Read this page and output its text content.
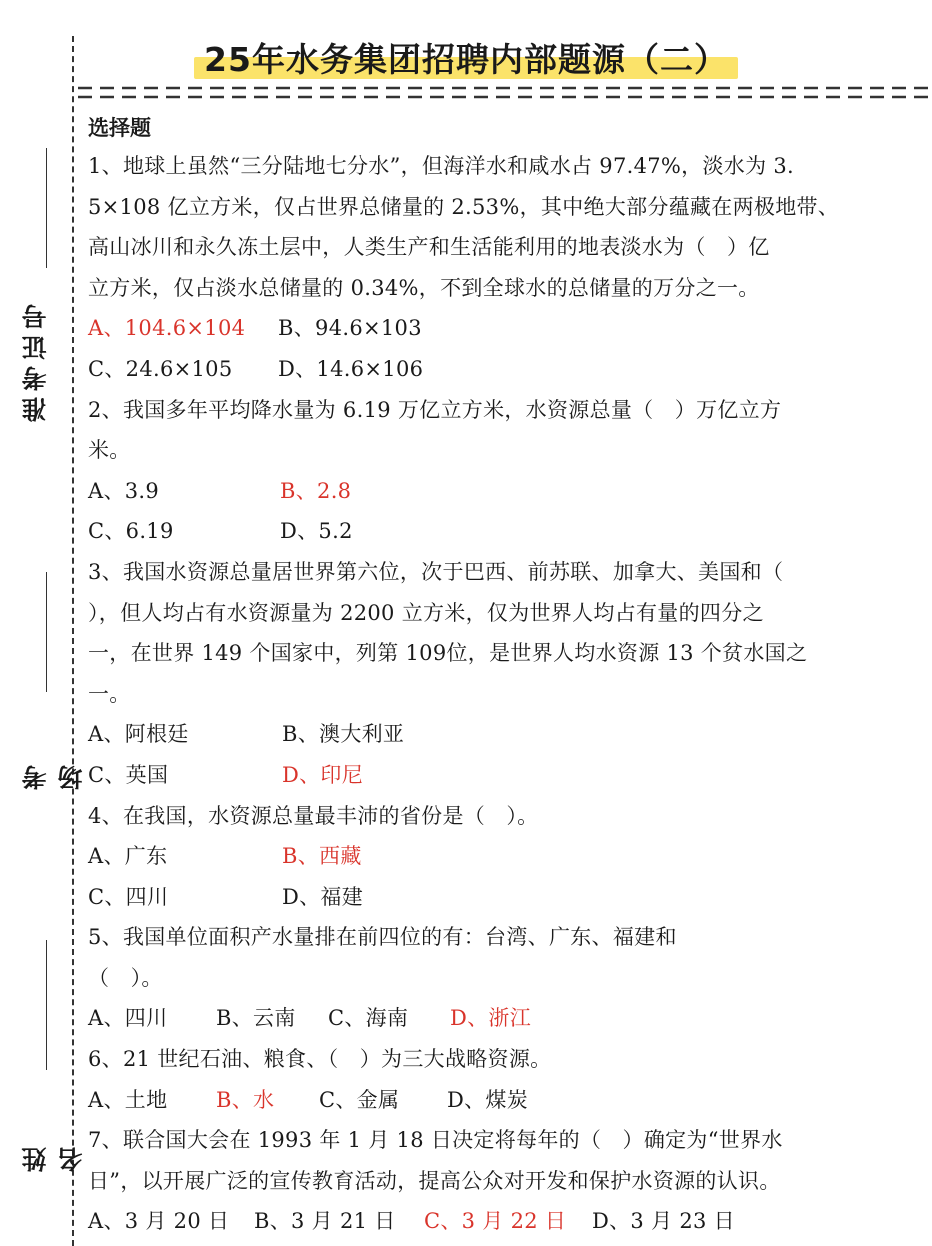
25年水务集团招聘内部题源（二）
准考证号
考场
姓名
选择题
1、地球上虽然“三分陆地七分水”，但海洋水和咸水占 97.47%，淡水为 3.
5×108 亿立方米，仅占世界总储量的 2.53%，其中绝大部分蕴藏在两极地带、
高山冰川和永久冻土层中，人类生产和生活能利用的地表淡水为（　）亿
立方米，仅占淡水总储量的 0.34%，不到全球水的总储量的万分之一。
A、104.6×104 B、94.6×103
C、24.6×105 D、14.6×106
2、我国多年平均降水量为 6.19 万亿立方米，水资源总量（　）万亿立方
米。
A、3.9	B、2.8
C、6.19	D、5.2
3、我国水资源总量居世界第六位，次于巴西、前苏联、加拿大、美国和（
），但人均占有水资源量为 2200 立方米，仅为世界人均占有量的四分之
一，在世界 149 个国家中，列第 109位，是世界人均水资源 13 个贫水国之
一。
A、阿根廷	B、澳大利亚
C、英国	D、印尼
4、在我国，水资源总量最丰沛的省份是（　）。
A、广东	B、西藏
C、四川	D、福建
5、我国单位面积产水量排在前四位的有：台湾、广东、福建和
（　）。
A、四川 B、云南 C、海南 D、浙江
6、21 世纪石油、粮食、（　）为三大战略资源。
A、土地 B、水 C、金属 D、煤炭
7、联合国大会在 1993 年 1 月 18 日决定将每年的（　）确定为“世界水
日”，以开展广泛的宣传教育活动，提高公众对开发和保护水资源的认识。
A、3 月 20 日 B、3 月 21 日 C、3 月 22 日 D、3 月 23 日
